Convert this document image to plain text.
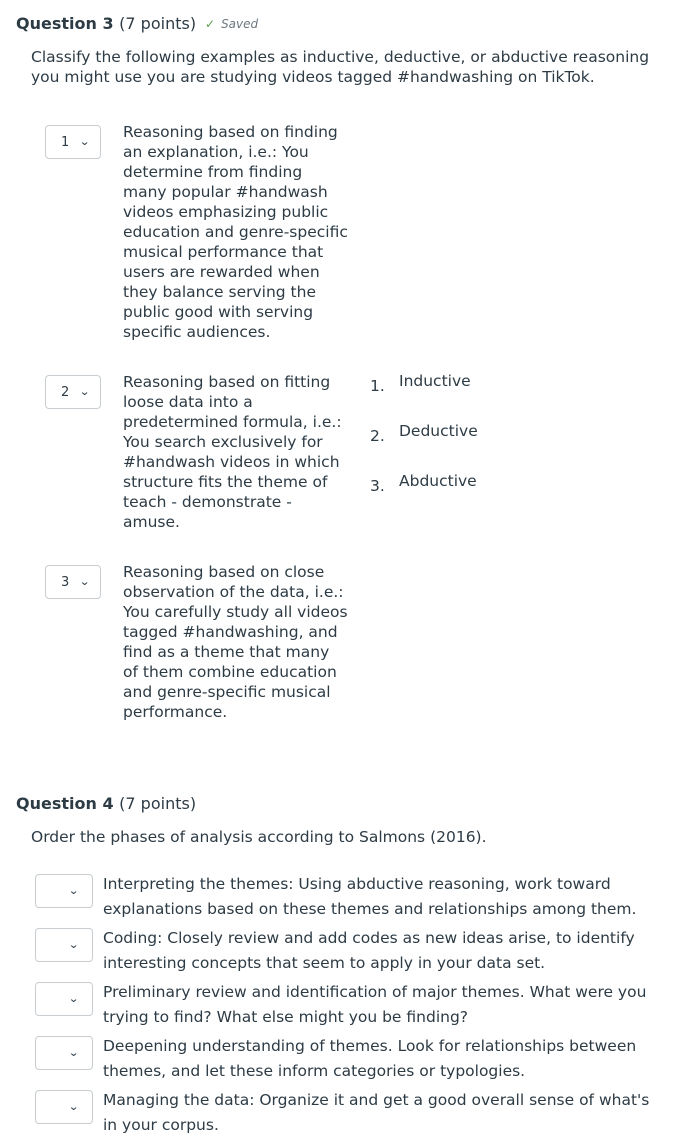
Question 3 (7 points) ✓ Saved
Classify the following examples as inductive, deductive, or abductive reasoning you might use you are studying videos tagged #handwashing on TikTok.
1 ⌄
Reasoning based on finding an explanation, i.e.: You determine from finding many popular #handwash videos emphasizing public education and genre-specific musical performance that users are rewarded when they balance serving the public good with serving specific audiences.
2 ⌄
Reasoning based on fitting loose data into a predetermined formula, i.e.: You search exclusively for #handwash videos in which structure fits the theme of teach - demonstrate - amuse.
3 ⌄
Reasoning based on close observation of the data, i.e.: You carefully study all videos tagged #handwashing, and find as a theme that many of them combine education and genre-specific musical performance.
1. Inductive
2. Deductive
3. Abductive
Question 4 (7 points)
Order the phases of analysis according to Salmons (2016).
⌄ Interpreting the themes: Using abductive reasoning, work toward explanations based on these themes and relationships among them.
⌄ Coding: Closely review and add codes as new ideas arise, to identify interesting concepts that seem to apply in your data set.
⌄ Preliminary review and identification of major themes. What were you trying to find? What else might you be finding?
⌄ Deepening understanding of themes. Look for relationships between themes, and let these inform categories or typologies.
⌄ Managing the data: Organize it and get a good overall sense of what's in your corpus.
